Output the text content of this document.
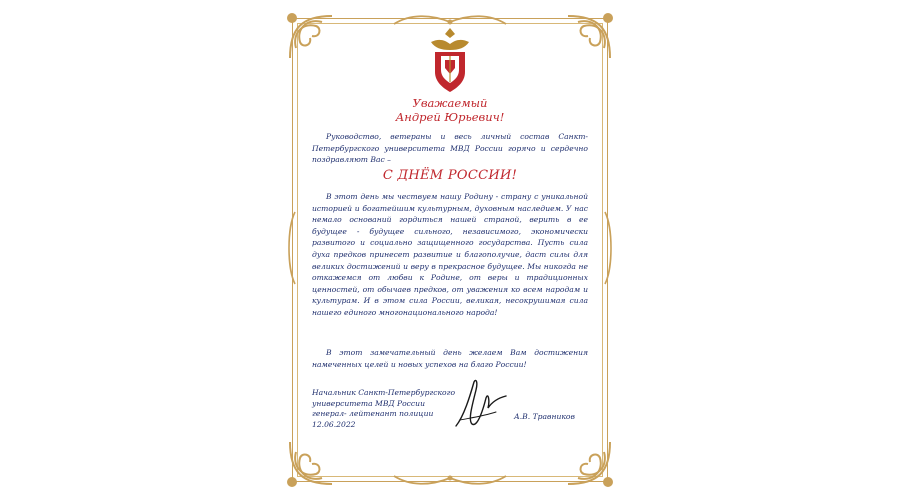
Уважаемый
Андрей Юрьевич!

Руководство, ветераны и весь личный состав Санкт-Петербургского университета МВД России горячо и сердечно поздравляют Вас –

С ДНЁМ РОССИИ!

В этот день мы чествуем нашу Родину - страну с уникальной историей и богатейшим культурным, духовным наследием. У нас немало оснований гордиться нашей страной, верить в ее будущее - будущее сильного, независимого, экономически развитого и социально защищенного государства. Пусть сила духа предков принесет развитие и благополучие, даст силы для великих достижений и веру в прекрасное будущее. Мы никогда не откажемся от любви к Родине, от веры и традиционных ценностей, от обычаев предков, от уважения ко всем народам и культурам. И в этом сила России, великая, несокрушимая сила нашего единого многонационального народа!

В этот замечательный день желаем Вам достижения намеченных целей и новых успехов на благо России!

Начальник Санкт-Петербургского
университета МВД России
генерал- лейтенант полиции
12.06.2022
А.В. Травников
